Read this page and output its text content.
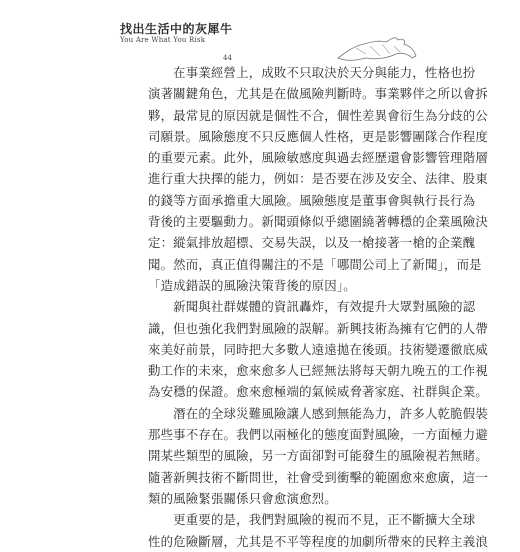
找出生活中的灰犀牛
You Are What You Risk
44
　　在事業經營上，成敗不只取決於天分與能力，性格也扮
演著關鍵角色，尤其是在做風險判斷時。事業夥伴之所以會拆
夥，最常見的原因就是個性不合，個性差異會衍生為分歧的公
司願景。風險態度不只反應個人性格，更是影響團隊合作程度
的重要元素。此外，風險敏感度與過去經歷還會影響管理階層
進行重大抉擇的能力，例如：是否要在涉及安全、法律、股東
的錢等方面承擔重大風險。風險態度是董事會與執行長行為
背後的主要驅動力。新聞頭條似乎總圍繞著轉穩的企業風險決
定：縱氣排放超標、交易失誤，以及一槍接著一槍的企業醜
聞。然而，真正值得關注的不是「哪間公司上了新聞」，而是
「造成錯誤的風險決策背後的原因」。
　　新聞與社群媒體的資訊轟炸，有效提升大眾對風險的認
識，但也強化我們對風險的誤解。新興技術為擁有它們的人帶
來美好前景，同時把大多數人遠遠拋在後頭。技術變遷徹底威
動工作的未來，愈來愈多人已經無法將每天朝九晚五的工作視
為安穩的保證。愈來愈極端的氣候威脅著家庭、社群與企業。
　　潛在的全球災難風險讓人感到無能為力，許多人乾脆假裝
那些事不存在。我們以兩極化的態度面對風險，一方面極力避
開某些類型的風險，另一方面卻對可能發生的風險視若無睹。
隨著新興技術不斷問世，社會受到衝擊的範圍愈來愈廣，這一
類的風險緊張關係只會愈演愈烈。
　　更重要的是，我們對風險的視而不見，正不斷擴大全球
性的危險斷層，尤其是不平等程度的加劇所帶來的民粹主義浪
